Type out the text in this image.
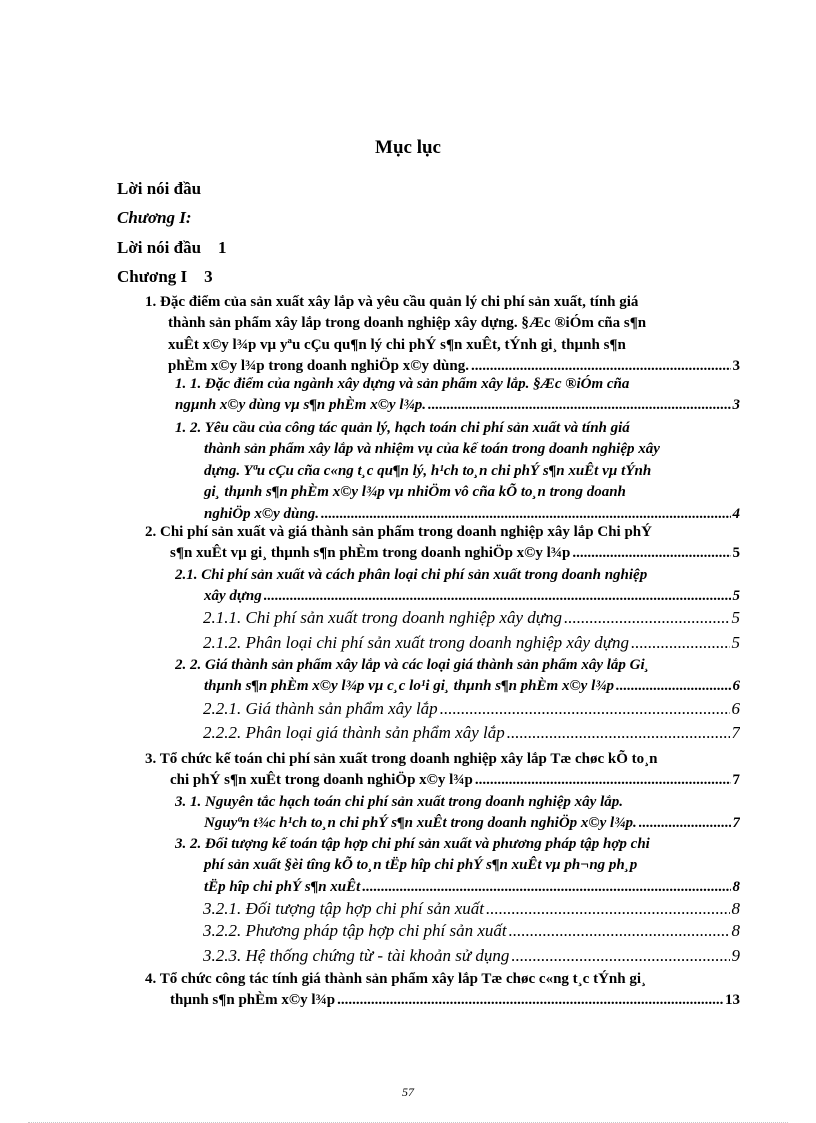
Mục lục
Lời nói đầu
Chương I:
Lời nói đầu    1
Chương I    3
1. Đặc điểm của sản xuất xây lắp và yêu cầu quản lý chi phí sản xuất, tính giá
thành sản phẩm xây lắp trong doanh nghiệp xây dựng. §Æc ®iÓm cña s¶n
xuÊt x©y l¾p vµ yªu cÇu qu¶n lý chi phÝ s¶n xuÊt, tÝnh gi¸ thµnh s¶n
phÈm x©y l¾p trong doanh nghiÖp x©y dùng. .....	3
1. 1. Đặc điểm của ngành xây dựng và sản phẩm xây lắp. §Æc ®iÓm cña
ngµnh x©y dùng vµ s¶n phÈm x©y l¾p. .....	3
1. 2. Yêu cầu của công tác quản lý, hạch toán chi phí sản xuất và tính giá
thành sản phẩm xây lắp và nhiệm vụ của kế toán trong doanh nghiệp xây
dựng. Yªu cÇu cña c«ng t¸c qu¶n lý, h¹ch to¸n chi phÝ s¶n xuÊt vµ tÝnh
gi¸ thµnh s¶n phÈm x©y l¾p vµ nhiÖm vô cña kÕ to¸n trong doanh
nghiÖp x©y dùng. .....	4
2. Chi phí sản xuất và giá thành sản phẩm trong doanh nghiệp xây lắp Chi phÝ
s¶n xuÊt vµ gi¸ thµnh s¶n phÈm trong doanh nghiÖp x©y l¾p .....	5
2.1. Chi phí sản xuất và cách phân loại chi phí sản xuất trong doanh nghiệp
xây dựng .....	5
2.1.1. Chi phí sản xuất trong doanh nghiệp xây dựng .....	5
2.1.2. Phân loại chi phí sản xuất trong doanh nghiệp xây dựng .....	5
2. 2. Giá thành sản phẩm xây lắp và các loại giá thành sản phẩm xây lắp Gi¸
thµnh s¶n phÈm x©y l¾p vµ c¸c lo¹i gi¸ thµnh s¶n phÈm x©y l¾p .....	6
2.2.1. Giá thành sản phẩm xây lắp .....	6
2.2.2. Phân loại giá thành sản phẩm xây lắp .....	7
3. Tổ chức kế toán chi phí sản xuất trong doanh nghiệp xây lắp Tæ chøc kÕ to¸n
chi phÝ s¶n xuÊt trong doanh nghiÖp x©y l¾p .....	7
3. 1. Nguyên tắc hạch toán chi phí sản xuất trong doanh nghiệp xây lắp.
Nguyªn t¾c h¹ch to¸n chi phÝ s¶n xuÊt trong doanh nghiÖp x©y l¾p. .....	7
3. 2. Đối tượng kế toán tập hợp chi phí sản xuất và phương pháp tập hợp chi
phí sản xuất §èi tîng kÕ to¸n tËp hîp chi phÝ s¶n xuÊt vµ ph¬ng ph¸p
tËp hîp chi phÝ s¶n xuÊt .....	8
3.2.1. Đối tượng tập hợp chi phí sản xuất .....	8
3.2.2. Phương pháp tập hợp chi phí sản xuất .....	8
3.2.3. Hệ thống chứng từ - tài khoản sử dụng .....	9
4. Tổ chức công tác tính giá thành sản phẩm xây lắp Tæ chøc c«ng t¸c tÝnh gi¸
thµnh s¶n phÈm x©y l¾p .....	13
57
